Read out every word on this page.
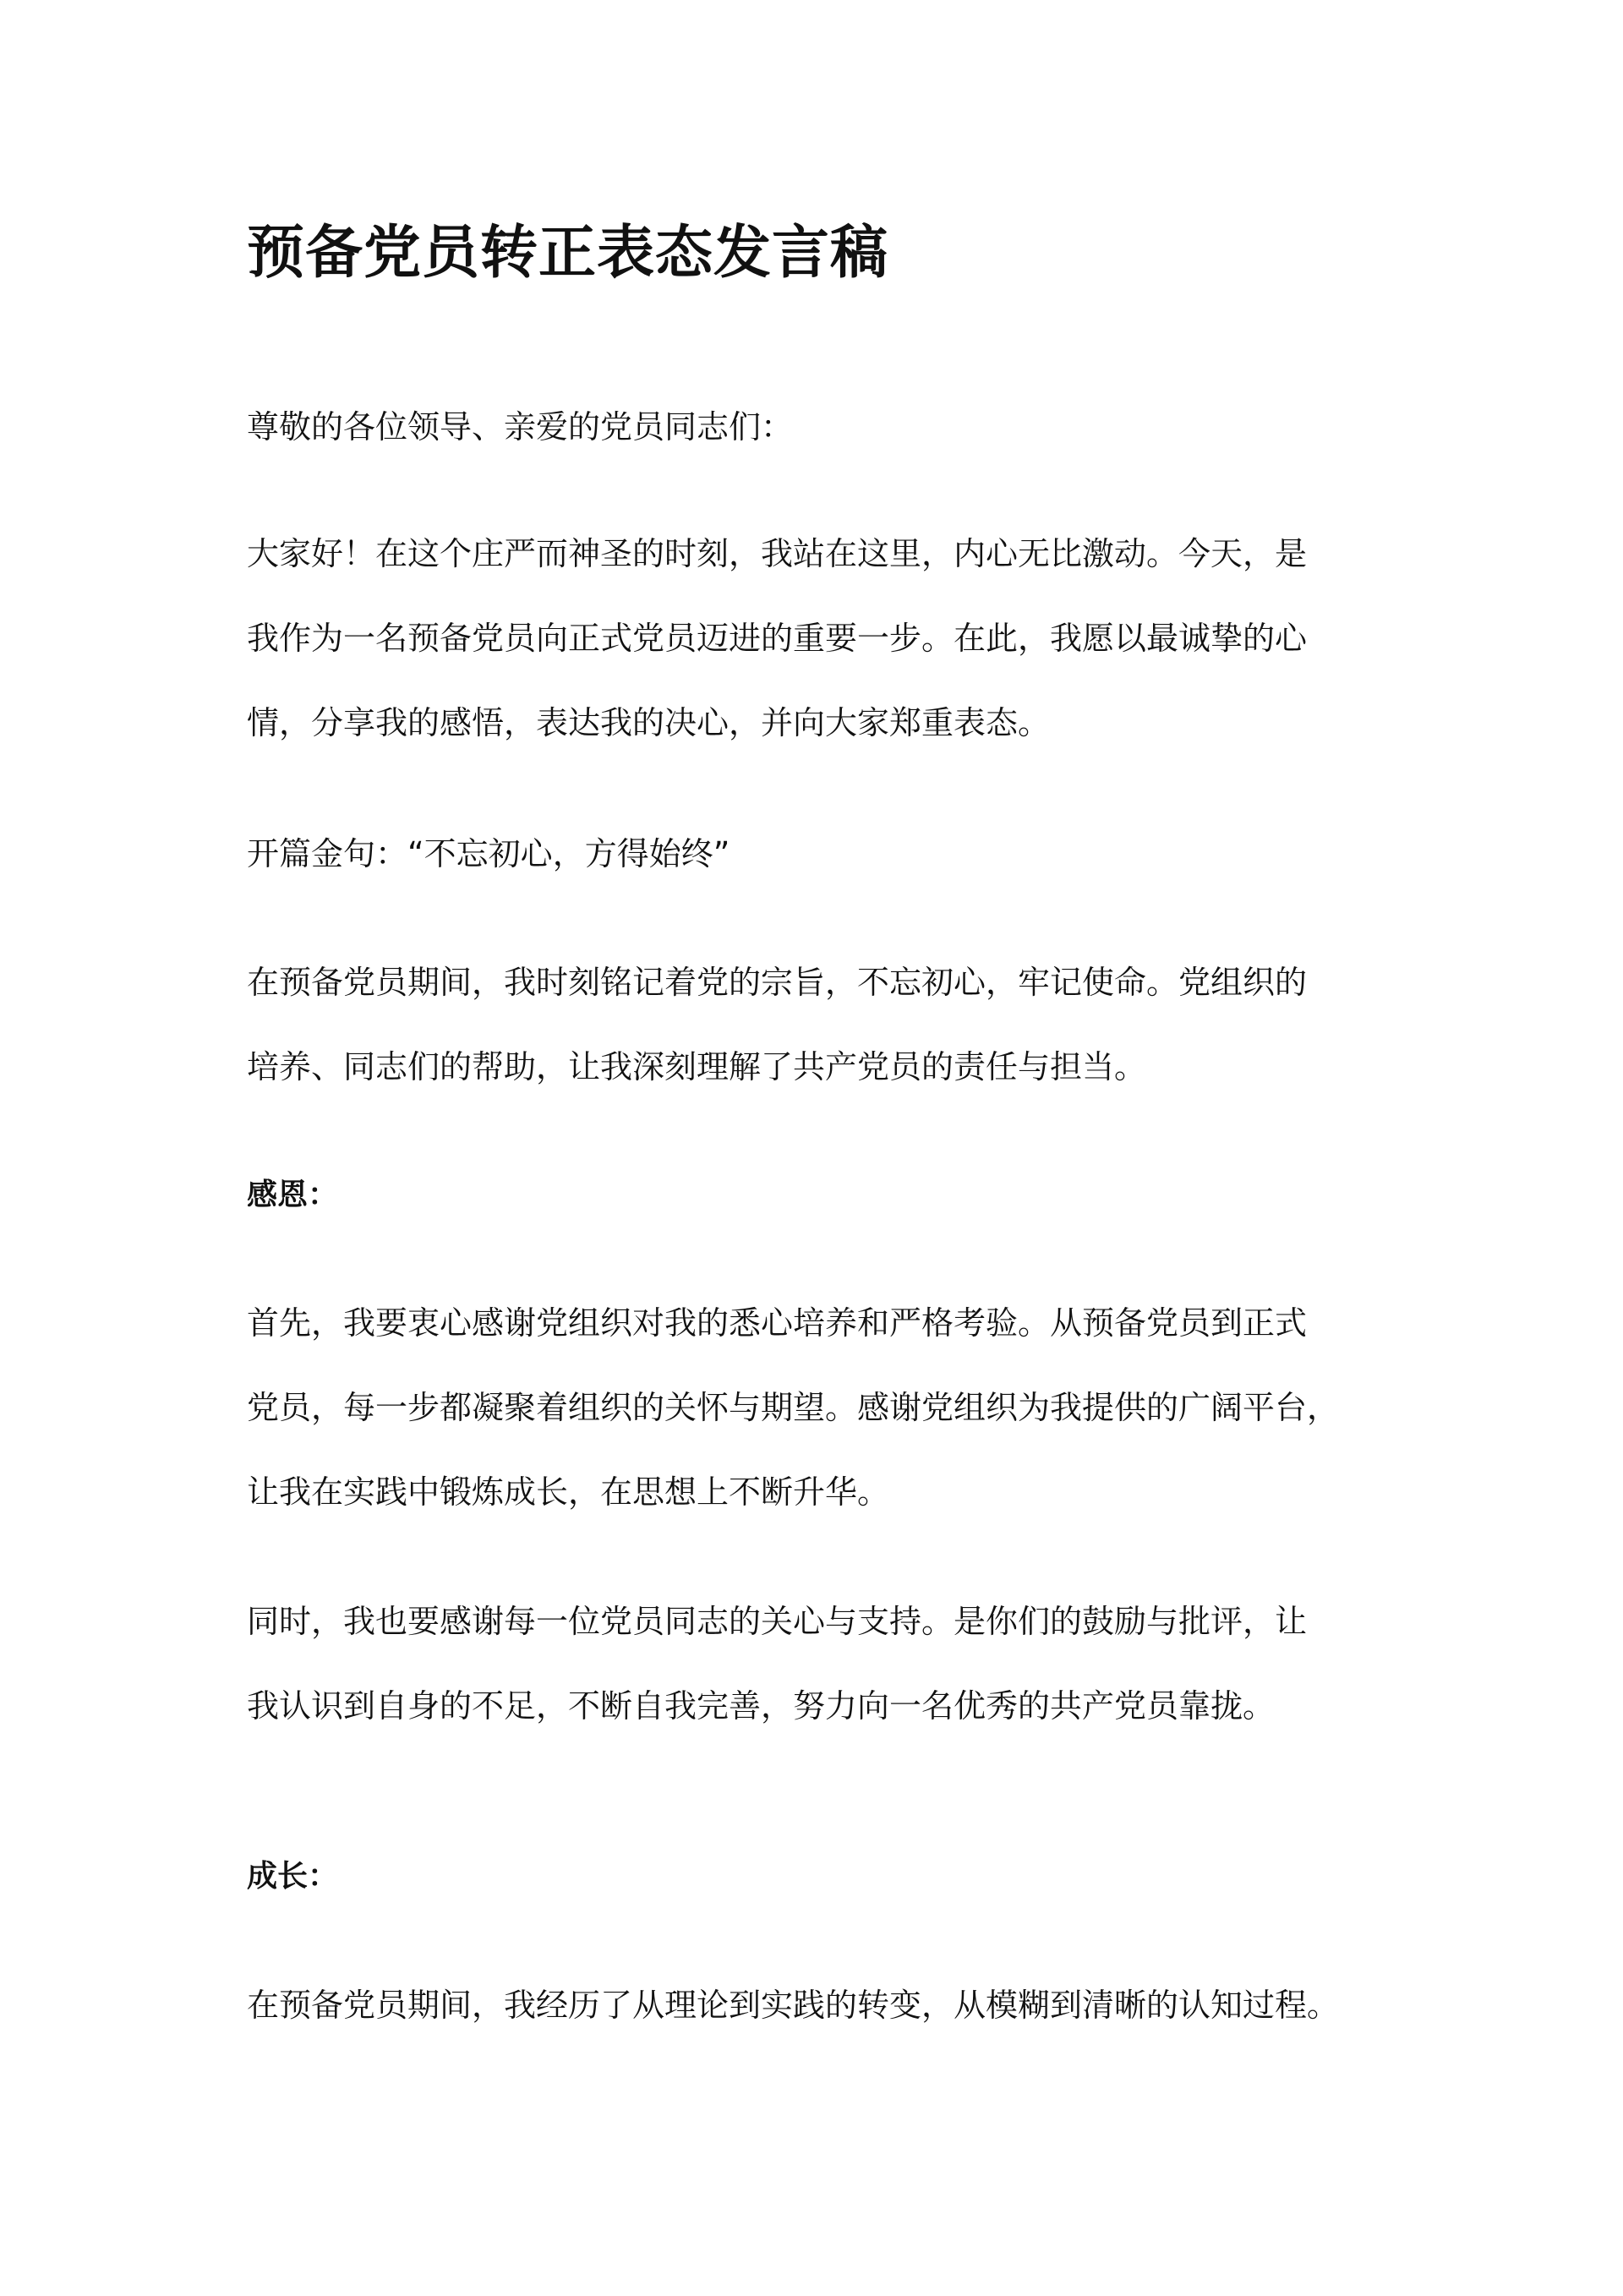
预备党员转正表态发言稿

尊敬的各位领导、亲爱的党员同志们：

大家好！在这个庄严而神圣的时刻，我站在这里，内心无比激动。今天，是
我作为一名预备党员向正式党员迈进的重要一步。在此，我愿以最诚挚的心
情，分享我的感悟，表达我的决心，并向大家郑重表态。

开篇金句：“不忘初心，方得始终”

在预备党员期间，我时刻铭记着党的宗旨，不忘初心，牢记使命。党组织的
培养、同志们的帮助，让我深刻理解了共产党员的责任与担当。

感恩：

首先，我要衷心感谢党组织对我的悉心培养和严格考验。从预备党员到正式
党员，每一步都凝聚着组织的关怀与期望。感谢党组织为我提供的广阔平台，
让我在实践中锻炼成长，在思想上不断升华。

同时，我也要感谢每一位党员同志的关心与支持。是你们的鼓励与批评，让
我认识到自身的不足，不断自我完善，努力向一名优秀的共产党员靠拢。

成长：

在预备党员期间，我经历了从理论到实践的转变，从模糊到清晰的认知过程。
